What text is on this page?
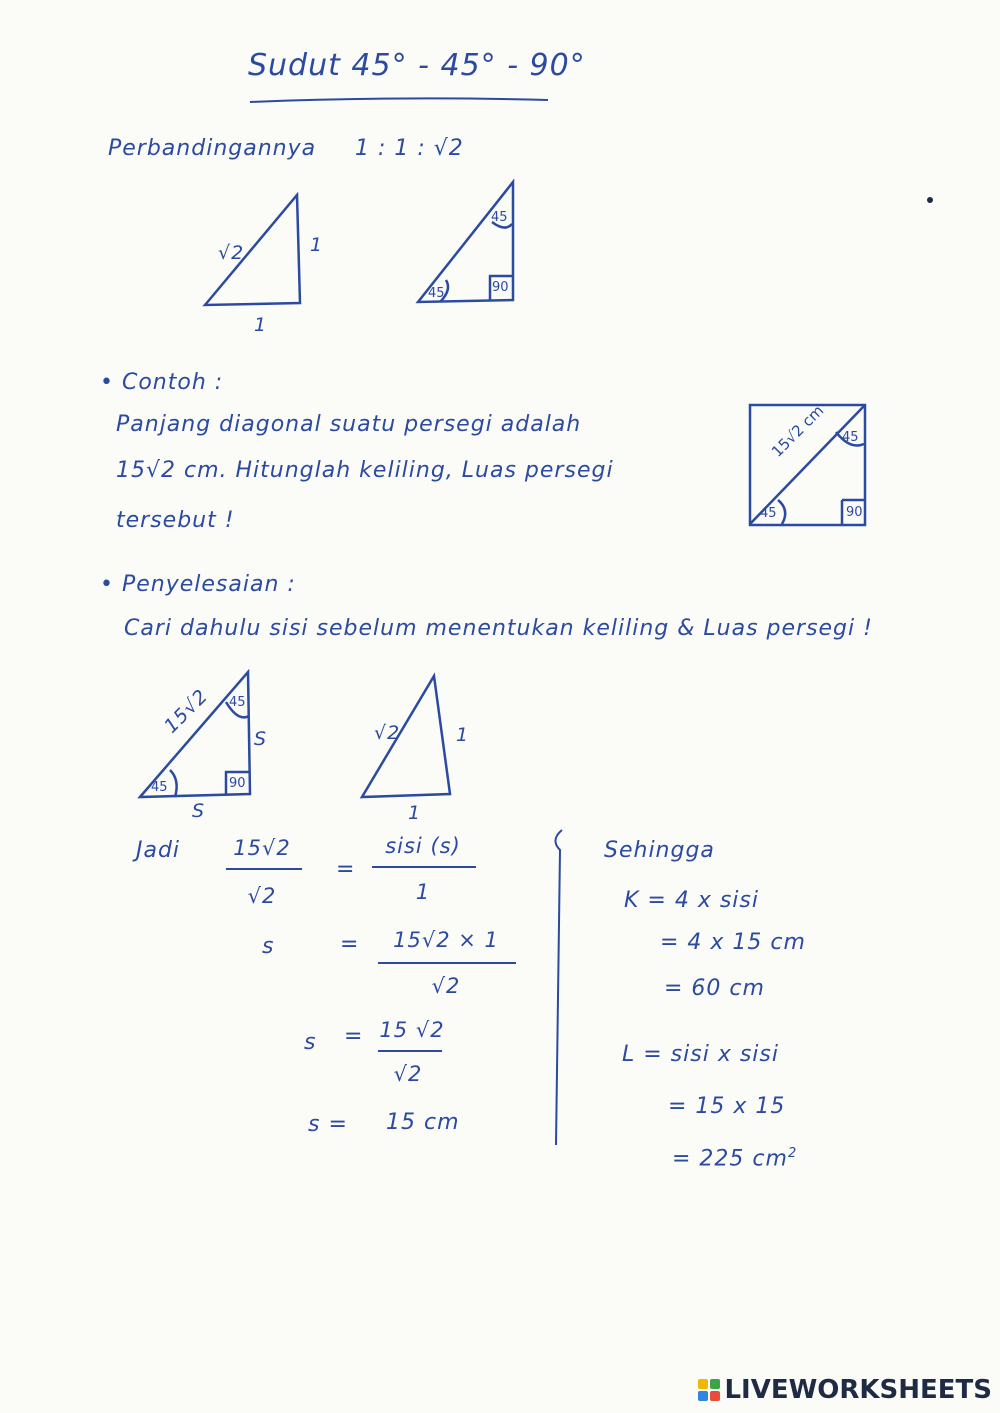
Sudut 45° - 45° - 90°
Perbandingannya 1 : 1 : √2
√2	1
1
45
45	90
• Contoh :
Panjang diagonal suatu persegi adalah
15√2 cm. Hitunglah keliling, Luas persegi
tersebut !
15√2 cm 45
45	90
• Penyelesaian :
Cari dahulu sisi sebelum menentukan keliling & Luas persegi !
15√2 45
S
45	90
S
√2	1
1
Jadi	15√2
√2
=
sisi (s)
1
s	=	15√2 × 1
√2
s = 15 √2
√2
s = 15 cm
Sehingga
K = 4 x sisi
= 4 x 15 cm
= 60 cm
L = sisi x sisi
= 15 x 15
= 225 $cm^2$
LIVEWORKSHEETS
